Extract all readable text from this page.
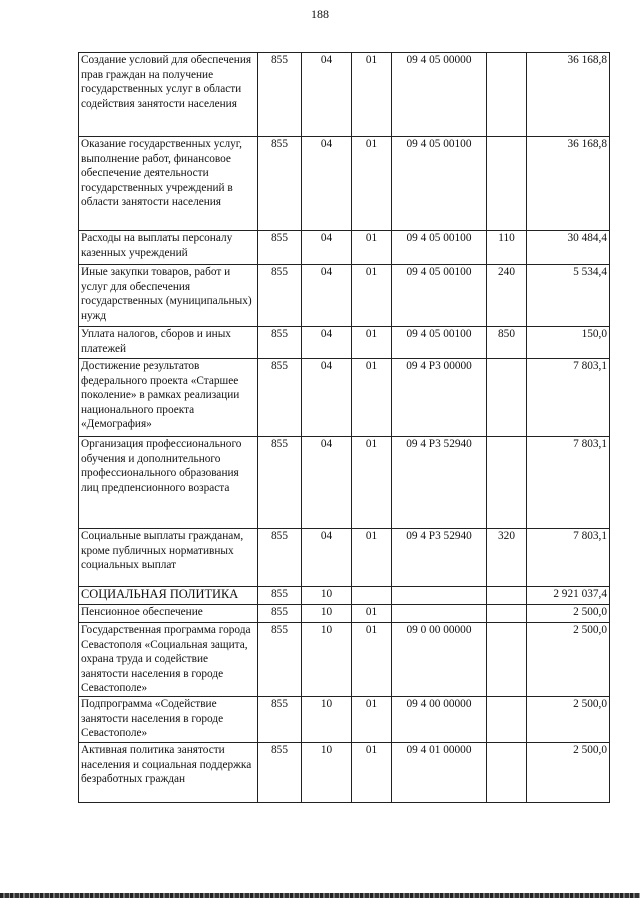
188
Создание условий для обеспечения прав граждан на получение государственных услуг в области содействия занятости населения	855	04	01	09 4 05 00000		36 168,8
Оказание государственных услуг, выполнение работ, финансовое обеспечение деятельности государственных учреждений в области занятости населения	855	04	01	09 4 05 00100		36 168,8
Расходы на выплаты персоналу казенных учреждений	855	04	01	09 4 05 00100	110	30 484,4
Иные закупки товаров, работ и услуг для обеспечения государственных (муниципальных) нужд	855	04	01	09 4 05 00100	240	5 534,4
Уплата налогов, сборов и иных платежей	855	04	01	09 4 05 00100	850	150,0
Достижение результатов федерального проекта «Старшее поколение» в рамках реализации национального проекта «Демография»	855	04	01	09 4 P3 00000		7 803,1
Организация профессионального обучения и дополнительного профессионального образования лиц предпенсионного возраста	855	04	01	09 4 P3 52940		7 803,1
Социальные выплаты гражданам, кроме публичных нормативных социальных выплат	855	04	01	09 4 P3 52940	320	7 803,1
СОЦИАЛЬНАЯ ПОЛИТИКА	855	10				2 921 037,4
Пенсионное обеспечение	855	10	01			2 500,0
Государственная программа города Севастополя «Социальная защита, охрана труда и содействие занятости населения в городе Севастополе»	855	10	01	09 0 00 00000		2 500,0
Подпрограмма «Содействие занятости населения в городе Севастополе»	855	10	01	09 4 00 00000		2 500,0
Активная политика занятости населения и социальная поддержка безработных граждан	855	10	01	09 4 01 00000		2 500,0
